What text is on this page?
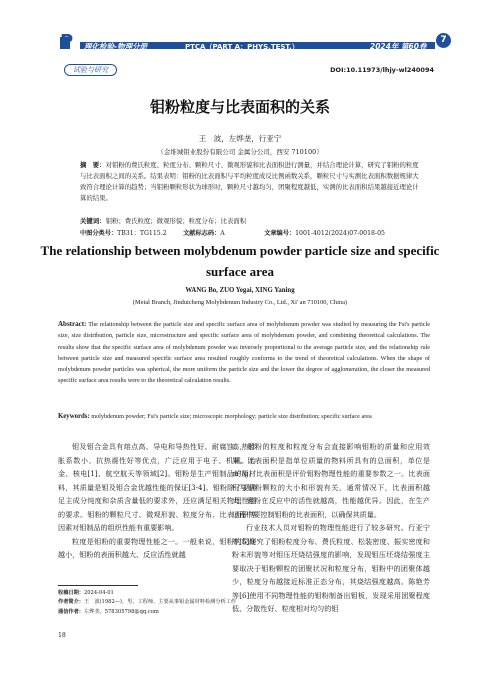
P 理化检验-物理分册	PTCA（PART A：PHYS.TEST.）	2024年 第60卷
7
试验与研究	DOI:10.11973/lhjy-wl240094
钼粉粒度与比表面积的关系
王　波，左烨垄，行亚宁
（金堆城钼业股份有限公司 金属分公司，西安 710100）
摘　要：对钼粉的费氏粒度、粒度分布、颗粒尺寸、微观形貌和比表面积进行测量，并结合理论计算，研究了钼粉的粒度与比表面积之间的关系。结果表明：钼粉的比表面积与平均粒度成反比例函数关系，颗粒尺寸与实测比表面积数据规律大致符合理论计算的趋势；当钼粉颗粒形状为球形时，颗粒尺寸越均匀，团聚程度越低，实测的比表面积结果越接近理论计算的结果。
关键词：钼粉；费氏粒度；微观形貌；粒度分布；比表面积
中图分类号：TB31；TG115.2	文献标志码：A	文章编号：1001-4012(2024)07-0018-05
The relationship between molybdenum powder particle size and specific surface area
WANG Bo, ZUO Yegai, XING Yaning
(Metal Branch, Jinduicheng Molybdenum Industry Co., Ltd., Xi' an 710100, China)
Abstract: The relationship between the particle size and specific surface area of molybdenum powder was studied by measuring the Fsi's particle size, size distribution, particle size, microstructure and specific surface area of molybdenum powder, and combining theoretical calculations. The results show that the specific surface area of molybdenum powder was inversely proportional to the average particle size, and the relationship rule between particle size and measured specific surface area resulted roughly conforms to the trend of theoretical calculations. When the shape of molybdenum powder particles was spherical, the more uniform the particle size and the lower the degree of agglomeration, the closer the measured specific surface area results were to the theoretical calculation results.
Keywords: molybdenum powder; Fsi's particle size; microscopic morphology; particle size distribution; specific surface area

钼及钼合金具有熔点高、导电和导热性好、耐腐蚀、热膨胀系数小、抗热震性好等优点，广泛应用于电子、机械、冶金、核电[1]、航空航天等领域[2]。钼粉是生产钼制品的原材料，其质量是钼及钼合金优越性能的保证[3-4]。钼粉除了要满足主成分纯度和杂质含量低的要求外，还应满足相关物理性能的要求。钼粉的颗粒尺寸、微观形貌、粒度分布、比表面积等因素对钼制品的组织性能有重要影响。

粒度是钼粉的重要物理性能之一。一般来说，钼粉的粒度越小，钼粉的表面积越大、反应活性就越

高，钼粉的粒度和粒度分布会直接影响钼粉的质量和应用效果。比表面积是指单位质量的物料所具有的总面积，单位是m²/g。比表面积是评价钼粉物理性能的重要参数之一。比表面积与钼粉颗粒的大小和形貌有关，通常情况下，比表面积越大，钼粉在反应中的活性就越高，性能越优异。因此，在生产过程中要控制钼粉的比表面积，以确保其质量。

行业技术人员对钼粉的物理性能进行了较多研究。行亚宁等[5]研究了钼粉粒度分布、费氏粒度、松装密度、振实密度和粉末形貌等对钼压坯烧结强度的影响，发现钼压坯烧结强度主要取决于钼粉颗粒的团聚状况和粒度分布，钼粉中的团聚体越少，粒度分布越接近标准正态分布，其烧结强度越高。陈艳芳等[6]使用不同物理性能的钼粉制备出钼板，发现采用团聚程度低、分散性好、粒度相对均匀的钼

收稿日期：2024-04-01
作者简介：王　波(1982—)，男，工程师，主要从事钼金属材料检测分析工作
通信作者：左烨垄，578305798@qq.com
18
